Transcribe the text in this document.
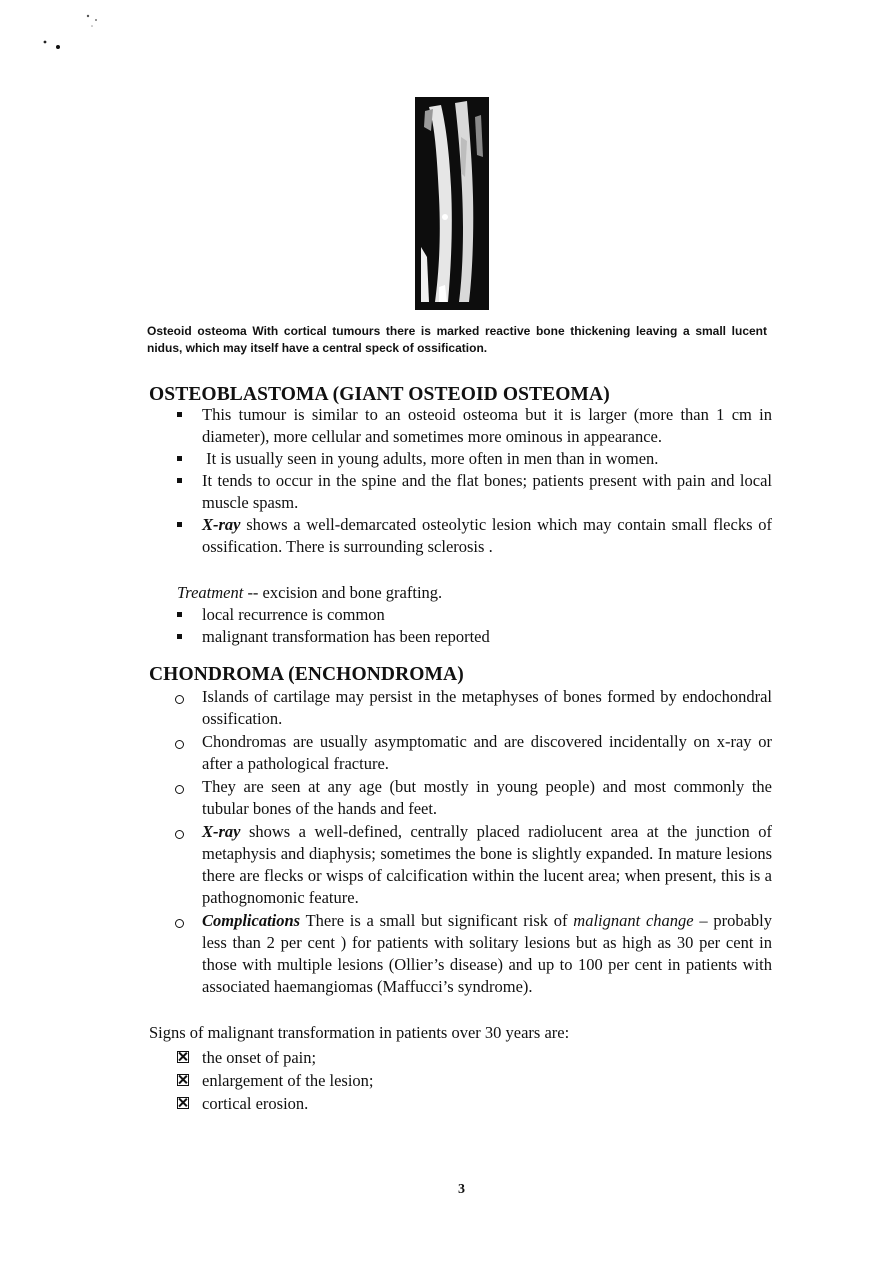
Osteoid osteoma With cortical tumours there is marked reactive bone thickening leaving a small lucent nidus, which may itself have a central speck of ossification.
OSTEOBLASTOMA (GIANT OSTEOID OSTEOMA)
This tumour is similar to an osteoid osteoma but it is larger (more than 1 cm in diameter), more cellular and sometimes more ominous in appearance.
It is usually seen in young adults, more often in men than in women.
It tends to occur in the spine and the flat bones; patients present with pain and local muscle spasm.
X-ray shows a well-demarcated osteolytic lesion which may contain small flecks of ossification. There is surrounding sclerosis .
Treatment -- excision and bone grafting.
local recurrence is common
malignant transformation has been reported
CHONDROMA (ENCHONDROMA)
Islands of cartilage may persist in the metaphyses of bones formed by endochondral ossification.
Chondromas are usually asymptomatic and are discovered incidentally on x-ray or after a pathological fracture.
They are seen at any age (but mostly in young people) and most commonly the tubular bones of the hands and feet.
X-ray shows a well-defined, centrally placed radiolucent area at the junction of metaphysis and diaphysis; sometimes the bone is slightly expanded. In mature lesions there are flecks or wisps of calcification within the lucent area; when present, this is a pathognomonic feature.
Complications There is a small but significant risk of malignant change – probably less than 2 per cent ) for patients with solitary lesions but as high as 30 per cent in those with multiple lesions (Ollier’s disease) and up to 100 per cent in patients with associated haemangiomas (Maffucci’s syndrome).
Signs of malignant transformation in patients over 30 years are:
the onset of pain;
enlargement of the lesion;
cortical erosion.
3
